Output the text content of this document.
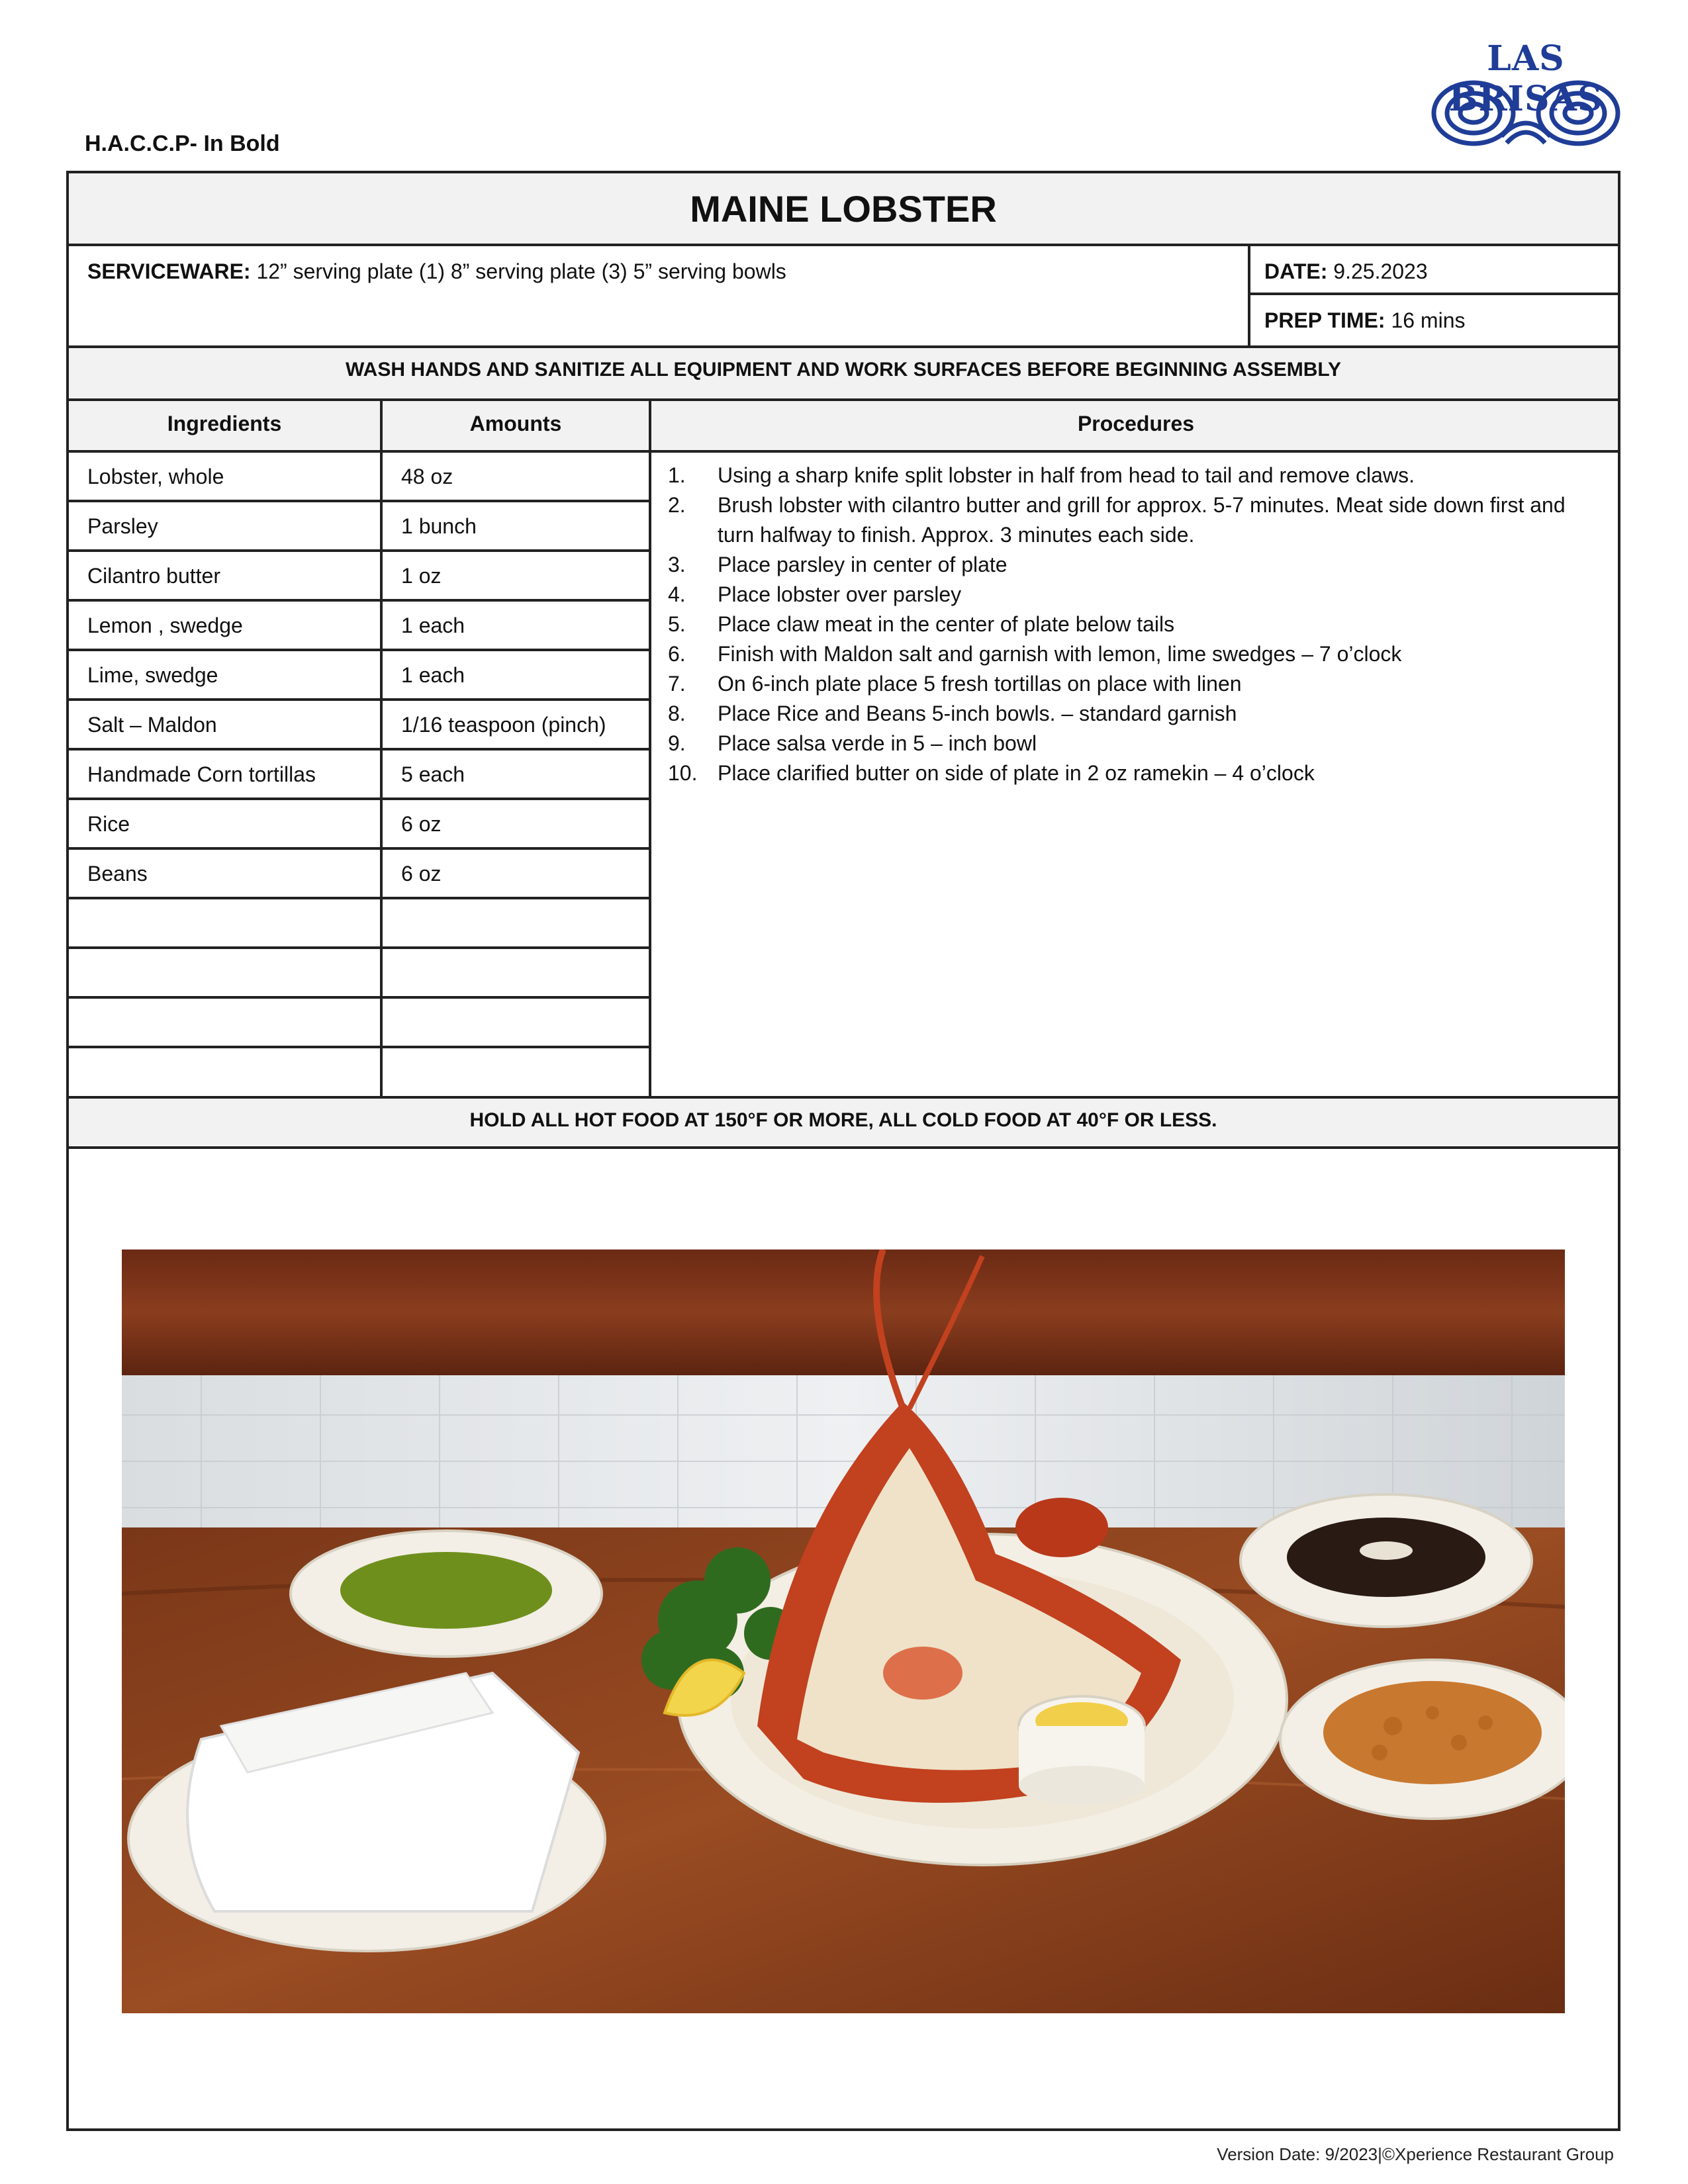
LAS BRISAS
H.A.C.C.P- In Bold
MAINE LOBSTER
SERVICEWARE: 12” serving plate (1) 8” serving plate (3) 5” serving bowls	DATE: 9.25.2023
PREP TIME: 16 mins
WASH HANDS AND SANITIZE ALL EQUIPMENT AND WORK SURFACES BEFORE BEGINNING ASSEMBLY
Ingredients	Amounts	Procedures
Lobster, whole	48 oz
Parsley	1 bunch
Cilantro butter	1 oz
Lemon , swedge	1 each
Lime, swedge	1 each
Salt – Maldon	1/16 teaspoon (pinch)
Handmade Corn tortillas	5 each
Rice	6 oz
Beans	6 oz
1. Using a sharp knife split lobster in half from head to tail and remove claws.
2. Brush lobster with cilantro butter and grill for approx. 5-7 minutes. Meat side down first and turn halfway to finish. Approx. 3 minutes each side.
3. Place parsley in center of plate
4. Place lobster over parsley
5. Place claw meat in the center of plate below tails
6. Finish with Maldon salt and garnish with lemon, lime swedges – 7 o’clock
7. On 6-inch plate place 5 fresh tortillas on place with linen
8. Place Rice and Beans 5-inch bowls. – standard garnish
9. Place salsa verde in 5 – inch bowl
10. Place clarified butter on side of plate in 2 oz ramekin – 4 o’clock
HOLD ALL HOT FOOD AT 150°F OR MORE, ALL COLD FOOD AT 40°F OR LESS.
Version Date: 9/2023|©Xperience Restaurant Group
